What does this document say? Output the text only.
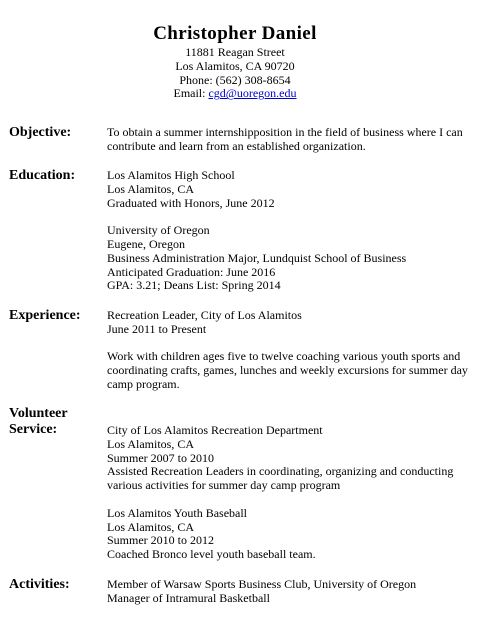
Christopher Daniel
11881 Reagan Street
Los Alamitos, CA 90720
Phone: (562) 308-8654
Email: cgd@uoregon.edu
Objective:	To obtain a summer internshipposition in the field of business where I can contribute and learn from an established organization.
Education:	Los Alamitos High School
Los Alamitos, CA
Graduated with Honors, June 2012
University of Oregon
Eugene, Oregon
Business Administration Major, Lundquist School of Business
Anticipated Graduation: June 2016
GPA: 3.21; Deans List: Spring 2014
Experience:	Recreation Leader, City of Los Alamitos
June 2011 to Present
Work with children ages five to twelve coaching various youth sports and coordinating crafts, games, lunches and weekly excursions for summer day camp program.
Volunteer
Service:	City of Los Alamitos Recreation Department
Los Alamitos, CA
Summer 2007 to 2010
Assisted Recreation Leaders in coordinating, organizing and conducting various activities for summer day camp program
Los Alamitos Youth Baseball
Los Alamitos, CA
Summer 2010 to 2012
Coached Bronco level youth baseball team.
Activities:	Member of Warsaw Sports Business Club, University of Oregon
Manager of Intramural Basketball
